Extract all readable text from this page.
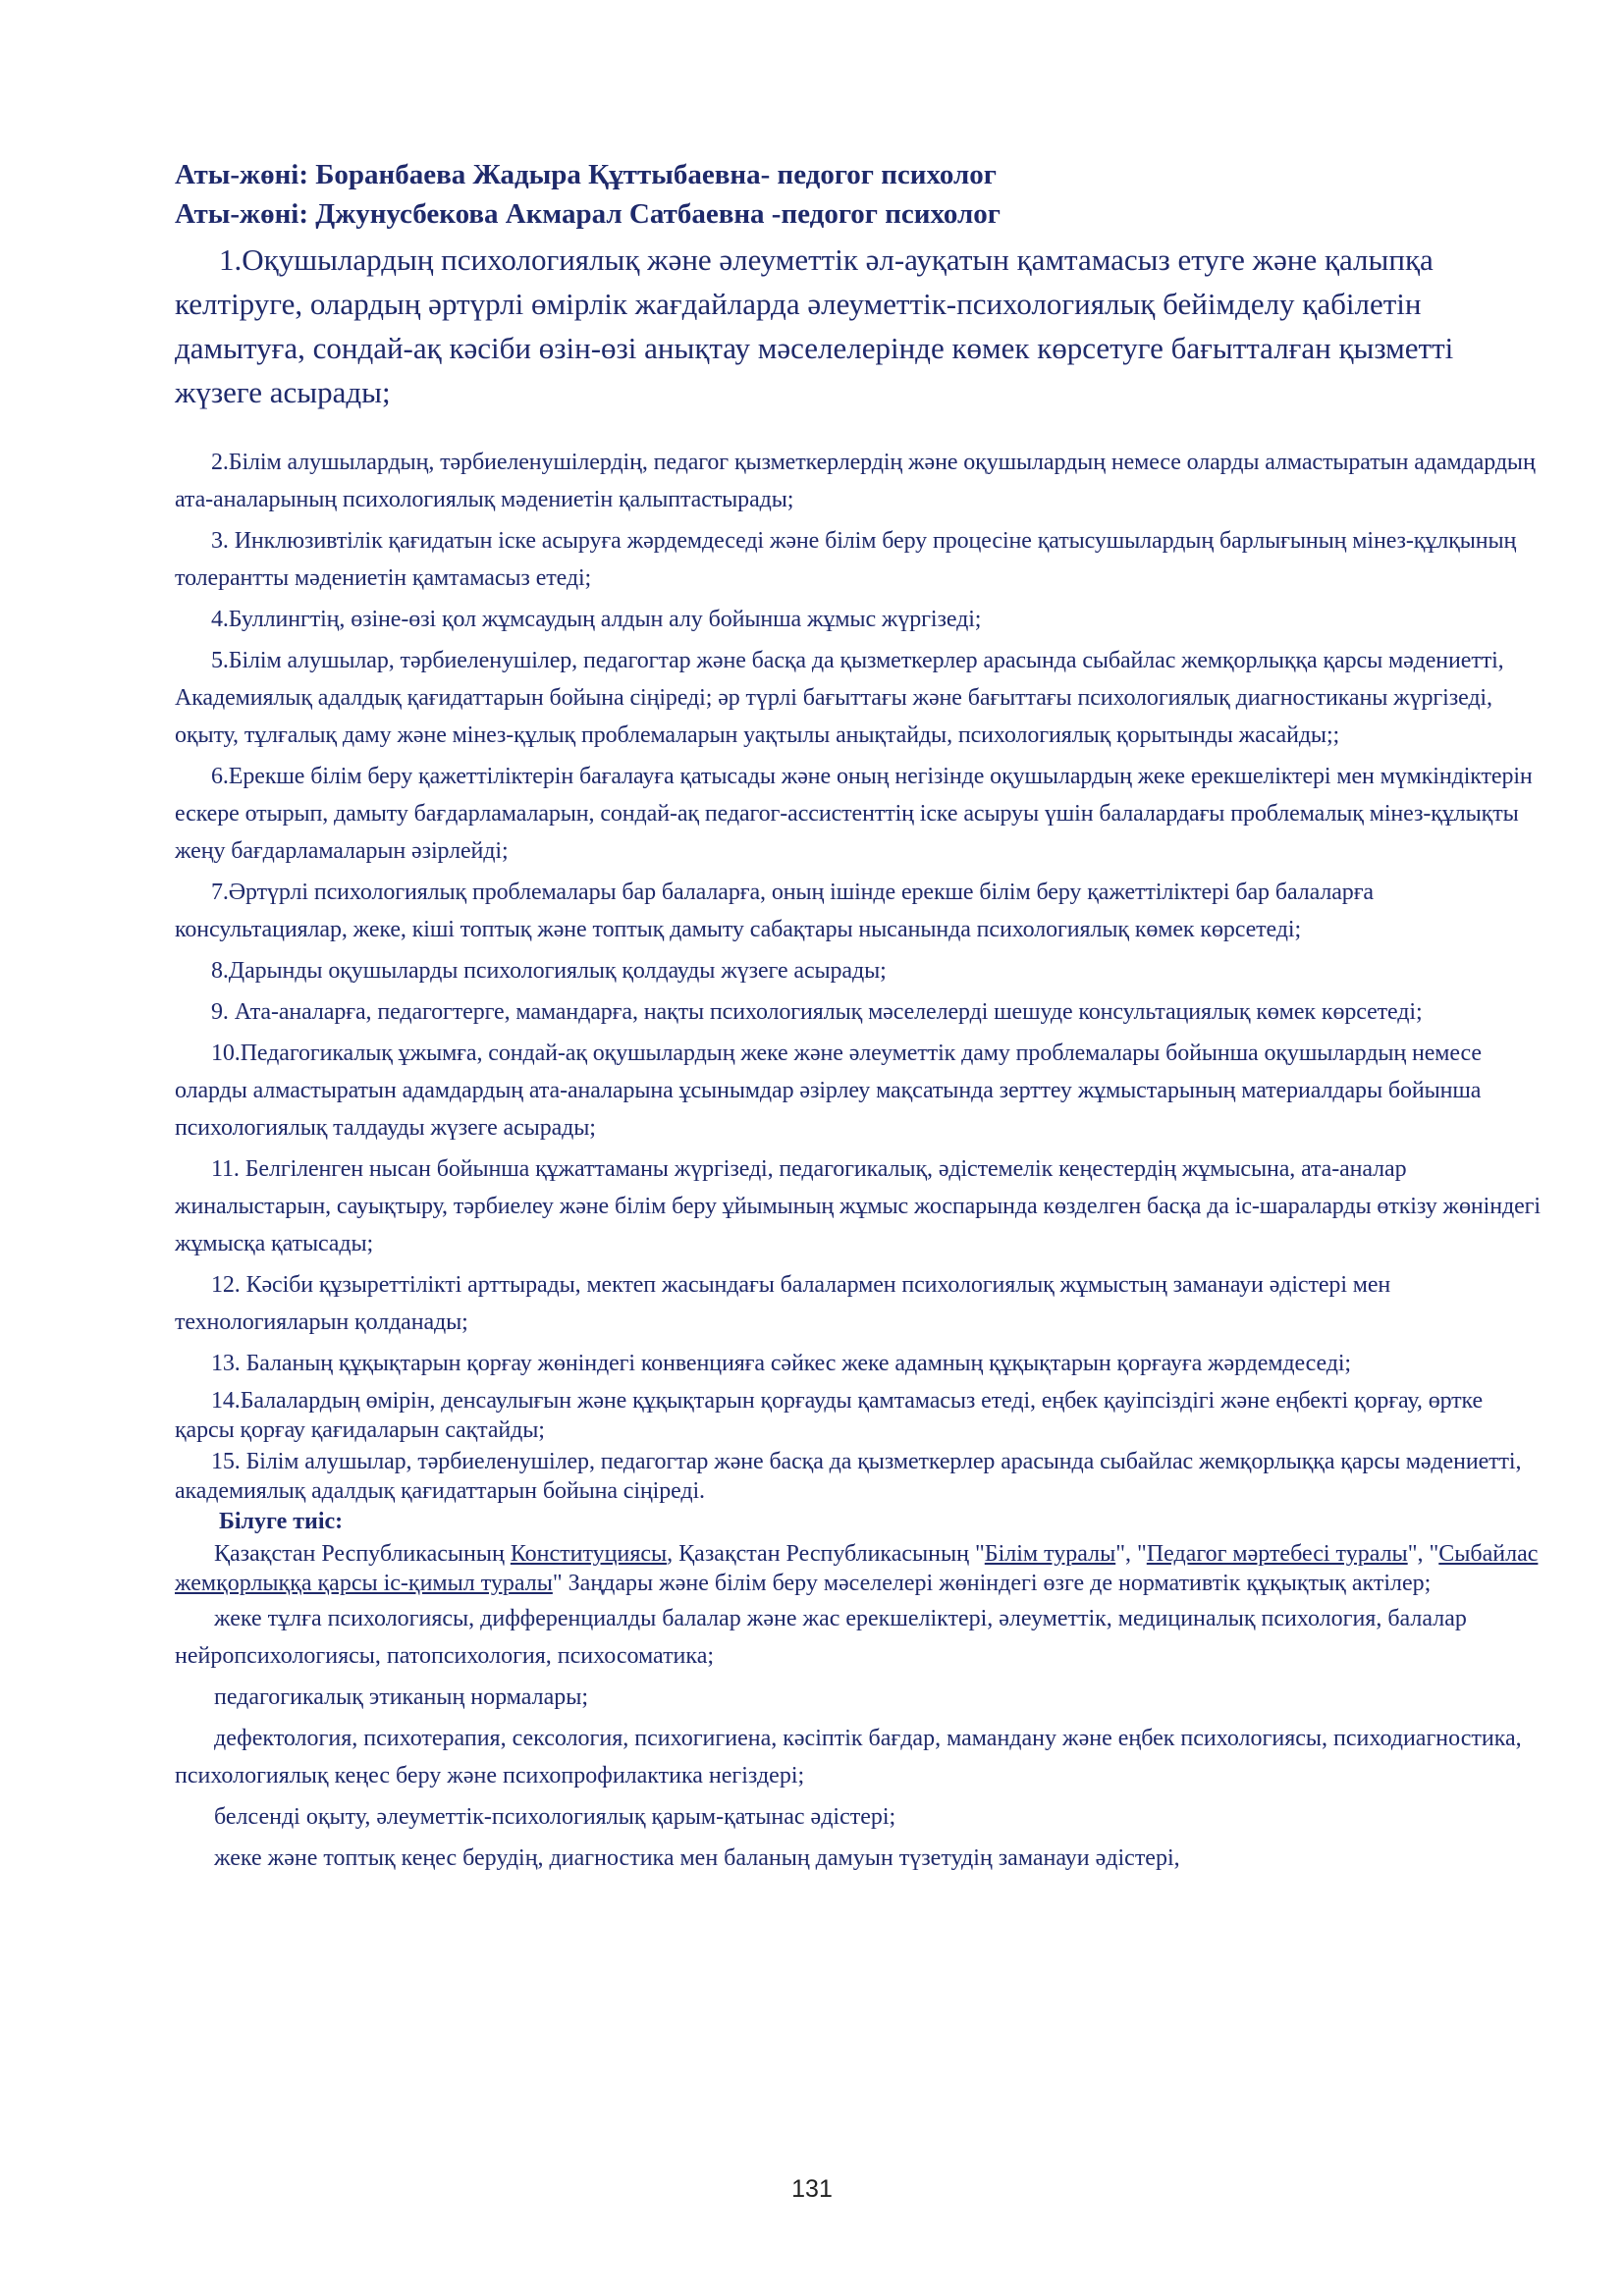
Аты-жөні: Боранбаева Жадыра Құттыбаевна- педогог психолог

Аты-жөні: Джунусбекова Акмарал Сатбаевна -педогог психолог

1.Оқушылардың психологиялық және әлеуметтік әл-ауқатын қамтамасыз етуге және қалыпқа келтіруге, олардың әртүрлі өмірлік жағдайларда әлеуметтік-психологиялық бейімделу қабілетін дамытуға, сондай-ақ кәсіби өзін-өзі анықтау мәселелерінде көмек көрсетуге бағытталған қызметті жүзеге асырады;

2.Білім алушылардың, тәрбиеленушілердің, педагог қызметкерлердің және оқушылардың немесе оларды алмастыратын адамдардың ата-аналарының психологиялық мәдениетін қалыптастырады;

3. Инклюзивтілік қағидатын іске асыруға жәрдемдеседі және білім беру процесіне қатысушылардың барлығының мінез-құлқының толерантты мәдениетін қамтамасыз етеді;

4.Буллингтің, өзіне-өзі қол жұмсаудың алдын алу бойынша жұмыс жүргізеді;

5.Білім алушылар, тәрбиеленушілер, педагогтар және басқа да қызметкерлер арасында сыбайлас жемқорлыққа қарсы мәдениетті, Академиялық адалдық қағидаттарын бойына сіңіреді; әр түрлі бағыттағы және бағыттағы психологиялық диагностиканы жүргізеді, оқыту, тұлғалық даму және мінез-құлық проблемаларын уақтылы анықтайды, психологиялық қорытынды жасайды;;

6.Ерекше білім беру қажеттіліктерін бағалауға қатысады және оның негізінде оқушылардың жеке ерекшеліктері мен мүмкіндіктерін ескере отырып, дамыту бағдарламаларын, сондай-ақ педагог-ассистенттің іске асыруы үшін балалардағы проблемалық мінез-құлықты жеңу бағдарламаларын әзірлейді;

7.Әртүрлі психологиялық проблемалары бар балаларға, оның ішінде ерекше білім беру қажеттіліктері бар балаларға консультациялар, жеке, кіші топтық және топтық дамыту сабақтары нысанында психологиялық көмек көрсетеді;

8.Дарынды оқушыларды психологиялық қолдауды жүзеге асырады;

9. Ата-аналарға, педагогтерге, мамандарға, нақты психологиялық мәселелерді шешуде консультациялық көмек көрсетеді;

10.Педагогикалық ұжымға, сондай-ақ оқушылардың жеке және әлеуметтік даму проблемалары бойынша оқушылардың немесе оларды алмастыратын адамдардың ата-аналарына ұсынымдар әзірлеу мақсатында зерттеу жұмыстарының материалдары бойынша психологиялық талдауды жүзеге асырады;

11. Белгіленген нысан бойынша құжаттаманы жүргізеді, педагогикалық, әдістемелік кеңестердің жұмысына, ата-аналар жиналыстарын, сауықтыру, тәрбиелеу және білім беру ұйымының жұмыс жоспарында көзделген басқа да іс-шараларды өткізу жөніндегі жұмысқа қатысады;

12. Кәсіби құзыреттілікті арттырады, мектеп жасындағы балалармен психологиялық жұмыстың заманауи әдістері мен технологияларын қолданады;

13. Баланың құқықтарын қорғау жөніндегі конвенцияға сәйкес жеке адамның құқықтарын қорғауға жәрдемдеседі;

14.Балалардың өмірін, денсаулығын және құқықтарын қорғауды қамтамасыз етеді, еңбек қауіпсіздігі және еңбекті қорғау, өртке қарсы қорғау қағидаларын сақтайды;

15. Білім алушылар, тәрбиеленушілер, педагогтар және басқа да қызметкерлер арасында сыбайлас жемқорлыққа қарсы мәдениетті, академиялық адалдық қағидаттарын бойына сіңіреді.

Білуге тиіс:

Қазақстан Республикасының Конституциясы, Қазақстан Республикасының "Білім туралы", "Педагог мәртебесі туралы", "Сыбайлас жемқорлыққа қарсы іс-қимыл туралы" Заңдары және білім беру мәселелері жөніндегі өзге де нормативтік құқықтық актілер;

жеке тұлға психологиясы, дифференциалды балалар және жас ерекшеліктері, әлеуметтік, медициналық психология, балалар нейропсихологиясы, патопсихология, психосоматика;

педагогикалық этиканың нормалары;

дефектология, психотерапия, сексология, психогигиена, кәсіптік бағдар, мамандану және еңбек психологиясы, психодиагностика, психологиялық кеңес беру және психопрофилактика негіздері;

белсенді оқыту, әлеуметтік-психологиялық қарым-қатынас әдістері;

жеке және топтық кеңес берудің, диагностика мен баланың дамуын түзетудің заманауи әдістері,

131
